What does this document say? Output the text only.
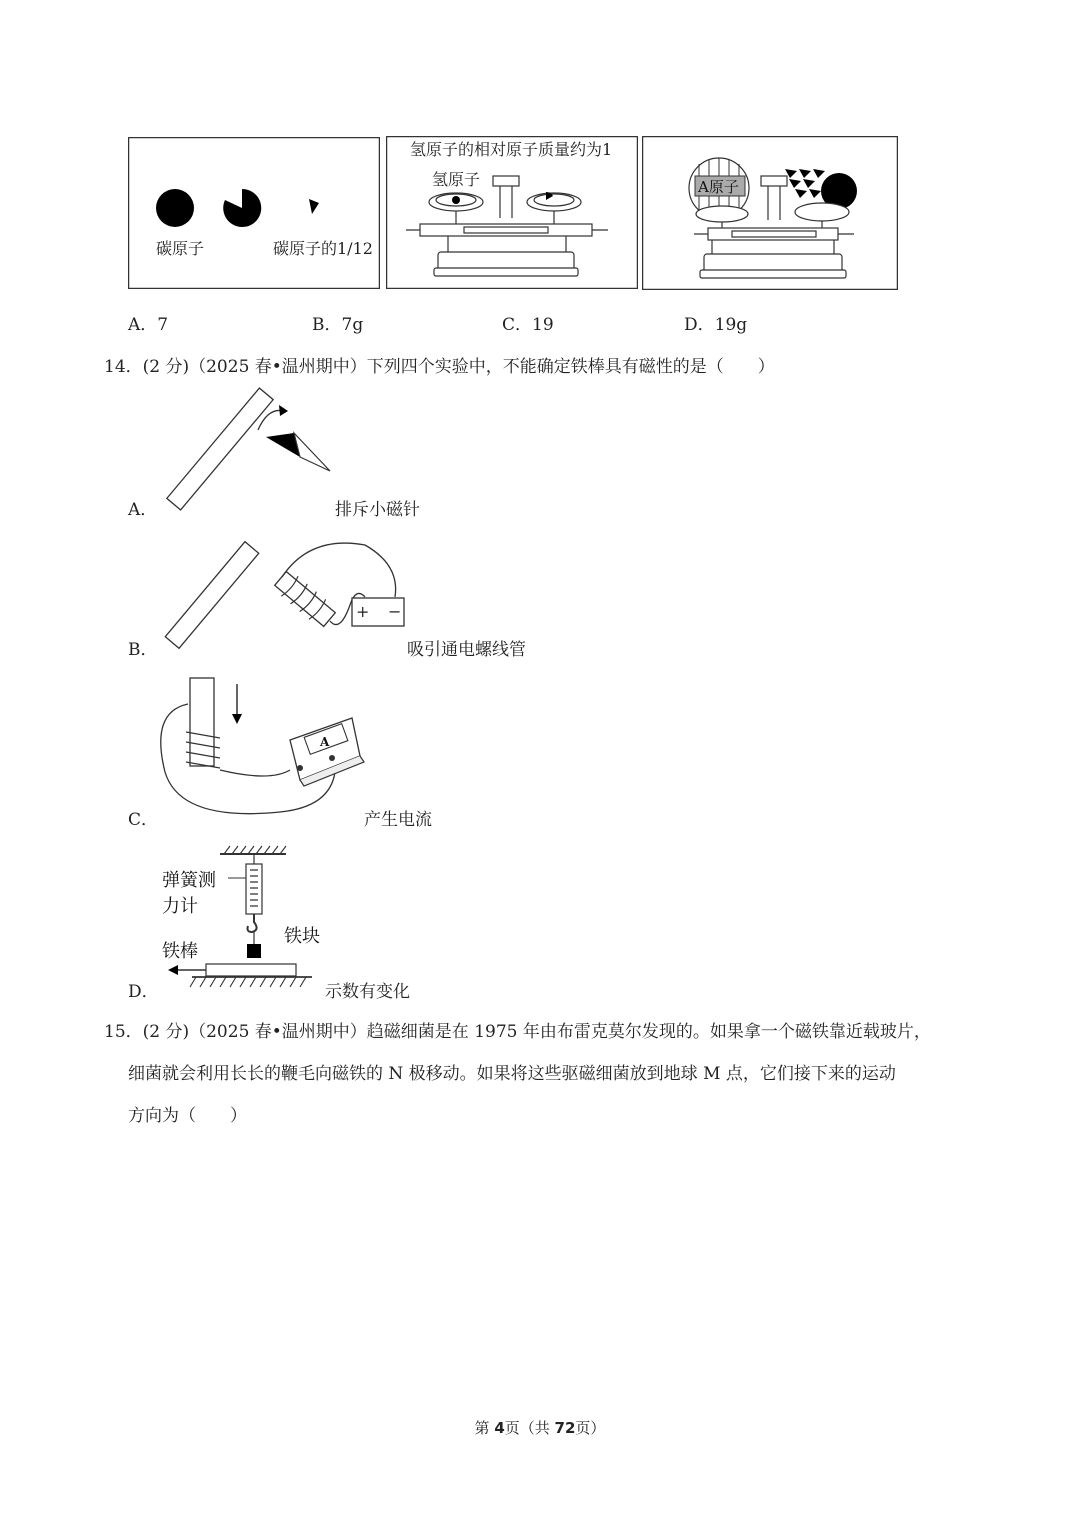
碳原子	碳原子的1/12
氢原子的相对原子质量约为1
氢原子	A原子
A．7	B．7g	C．19	D．19g
14．(2 分)（2025 春•温州期中）下列四个实验中，不能确定铁棒具有磁性的是（　　）
A．	排斥小磁针
+ −
B．	吸引通电螺线管
A
C．	产生电流
弹簧测
力计
铁块
铁棒
D．	示数有变化
15．(2 分)（2025 春•温州期中）趋磁细菌是在 1975 年由布雷克莫尔发现的。如果拿一个磁铁靠近载玻片，
细菌就会利用长长的鞭毛向磁铁的 N 极移动。如果将这些驱磁细菌放到地球 M 点，它们接下来的运动
方向为（　　）
第 4页（共 72页）
